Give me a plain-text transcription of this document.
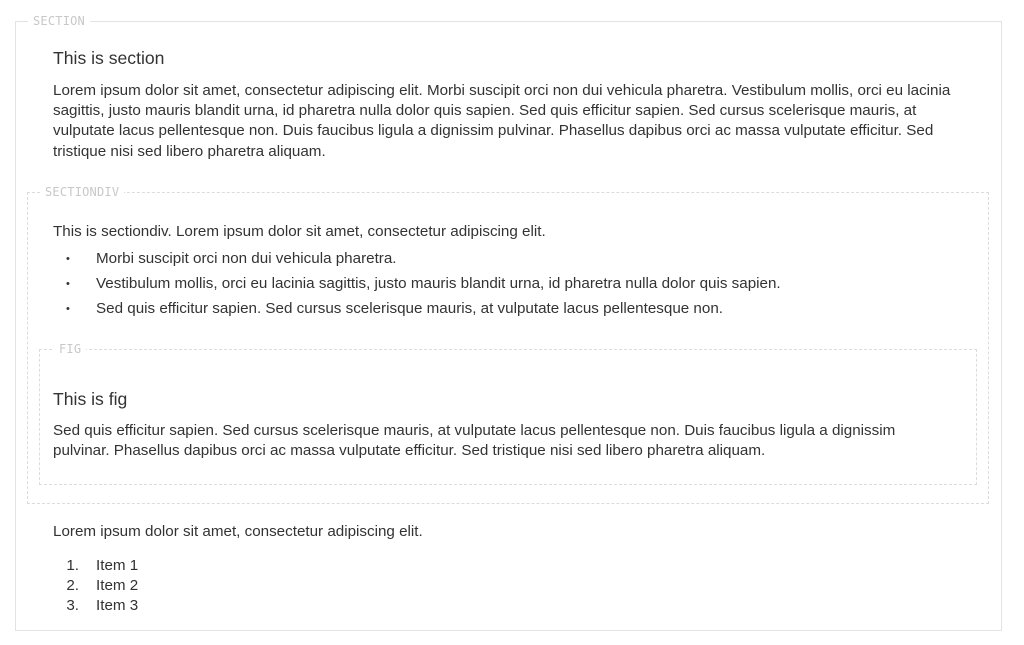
SECTION
SECTIONDIV
FIG
This is section

Lorem ipsum dolor sit amet, consectetur adipiscing elit. Morbi suscipit orci non dui vehicula pharetra. Vestibulum mollis, orci eu lacinia sagittis, justo mauris blandit urna, id pharetra nulla dolor quis sapien. Sed quis efficitur sapien. Sed cursus scelerisque mauris, at vulputate lacus pellentesque non. Duis faucibus ligula a dignissim pulvinar. Phasellus dapibus orci ac massa vulputate efficitur. Sed tristique nisi sed libero pharetra aliquam.

This is sectiondiv. Lorem ipsum dolor sit amet, consectetur adipiscing elit.

• Morbi suscipit orci non dui vehicula pharetra.
• Vestibulum mollis, orci eu lacinia sagittis, justo mauris blandit urna, id pharetra nulla dolor quis sapien.
• Sed quis efficitur sapien. Sed cursus scelerisque mauris, at vulputate lacus pellentesque non.
This is fig

Sed quis efficitur sapien. Sed cursus scelerisque mauris, at vulputate lacus pellentesque non. Duis faucibus ligula a dignissim pulvinar. Phasellus dapibus orci ac massa vulputate efficitur. Sed tristique nisi sed libero pharetra aliquam.

Lorem ipsum dolor sit amet, consectetur adipiscing elit.

1. Item 1
2. Item 2
3. Item 3
